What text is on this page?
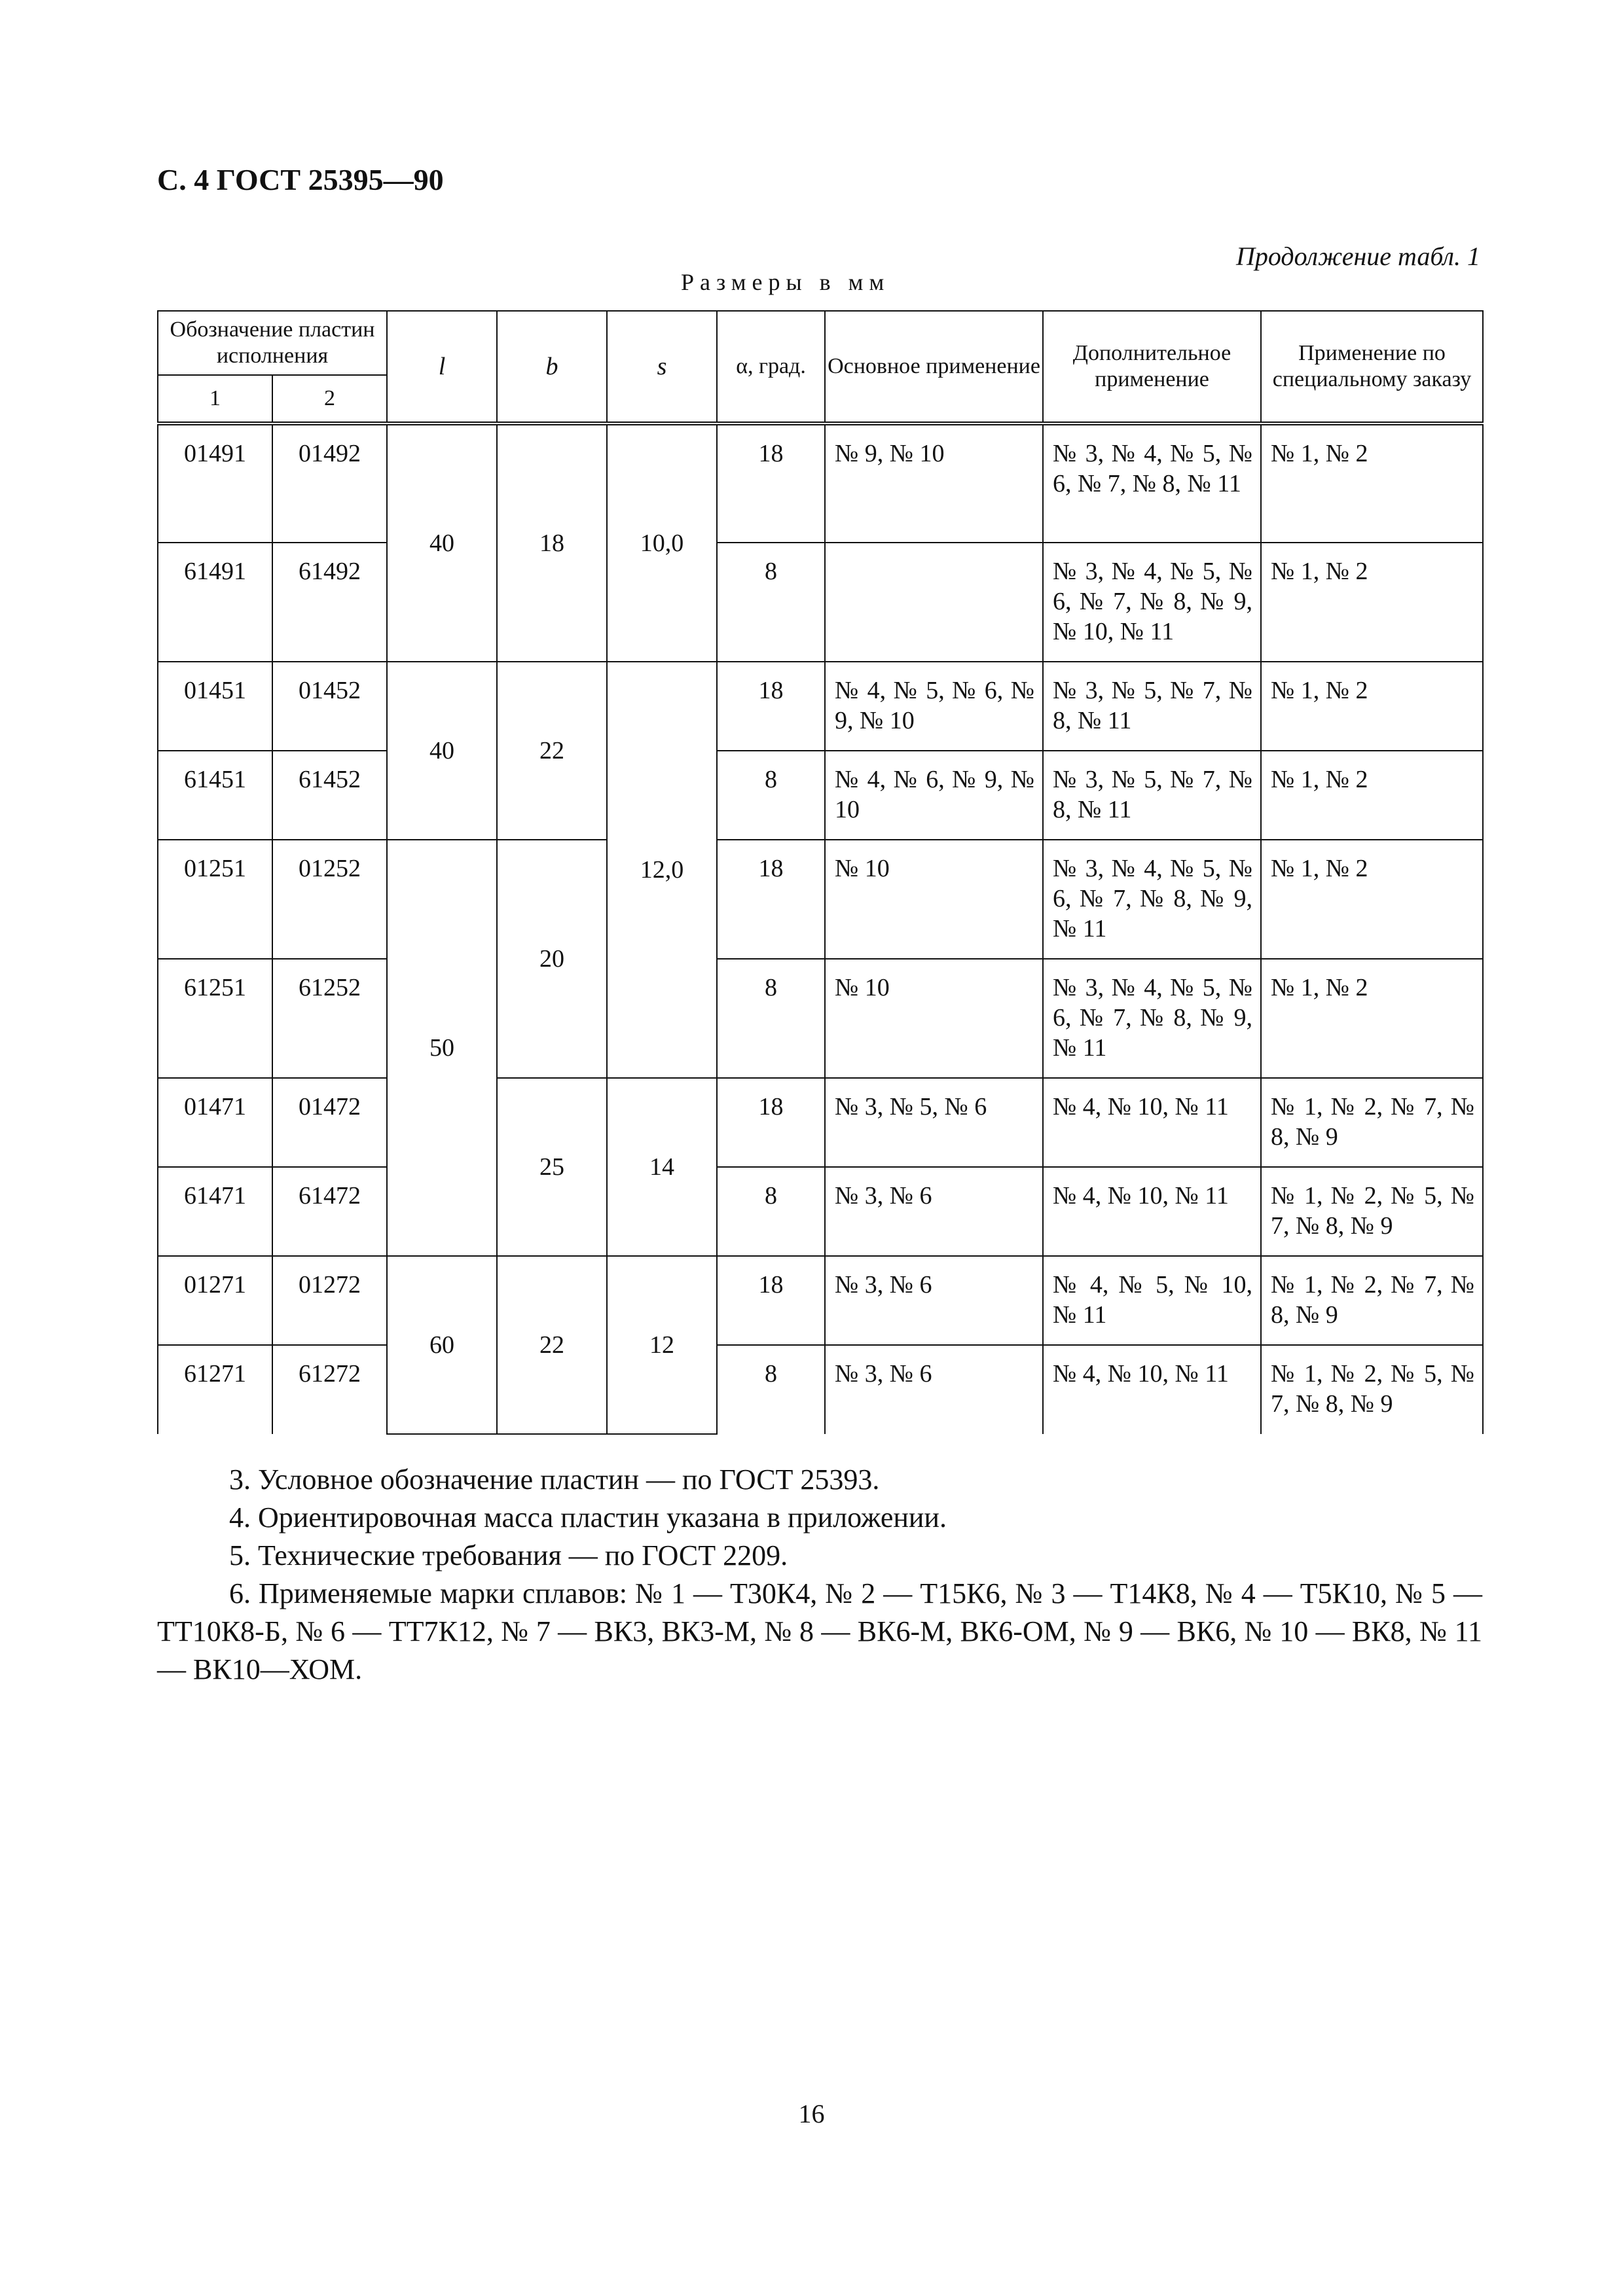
С. 4 ГОСТ 25395—90
Продолжение табл. 1
Размеры в мм
Обозначение пластин исполнения		l	b	s	α, град.	Основное применение	Дополнительное применение	Применение по специальному заказу
1	2							
01491	01492	40	18	10,0	18	№ 9, № 10	№ 3, № 4, № 5, № 6, № 7, № 8, № 11	№ 1, № 2
61491	61492				8		№ 3, № 4, № 5, № 6, № 7, № 8, № 9, № 10, № 11	№ 1, № 2
01451	01452	40	22	12,0	18	№ 4, № 5, № 6, № 9, № 10	№ 3, № 5, № 7, № 8, № 11	№ 1, № 2
61451	61452				8	№ 4, № 6, № 9, № 10	№ 3, № 5, № 7, № 8, № 11	№ 1, № 2
01251	01252	50	20		18	№ 10	№ 3, № 4, № 5, № 6, № 7, № 8, № 9, № 11	№ 1, № 2
61251	61252				8	№ 10	№ 3, № 4, № 5, № 6, № 7, № 8, № 9, № 11	№ 1, № 2
01471	01472		25	14	18	№ 3, № 5, № 6	№ 4, № 10, № 11	№ 1, № 2, № 7, № 8, № 9
61471	61472				8	№ 3, № 6	№ 4, № 10, № 11	№ 1, № 2, № 5, № 7, № 8, № 9
01271	01272	60	22	12	18	№ 3, № 6	№ 4, № 5, № 10, № 11	№ 1, № 2, № 7, № 8, № 9
61271	61272				8	№ 3, № 6	№ 4, № 10, № 11	№ 1, № 2, № 5, № 7, № 8, № 9

3. Условное обозначение пластин — по ГОСТ 25393.

4. Ориентировочная масса пластин указана в приложении.

5. Технические требования — по ГОСТ 2209.

6. Применяемые марки сплавов: № 1 — Т30К4, № 2 — Т15К6, № 3 — Т14К8, № 4 — Т5К10, № 5 — ТТ10К8-Б, № 6 — ТТ7К12, № 7 — ВК3, ВК3-М, № 8 — ВК6-М, ВК6-ОМ, № 9 — ВК6, № 10 — ВК8, № 11 — ВК10—ХОМ.

16
